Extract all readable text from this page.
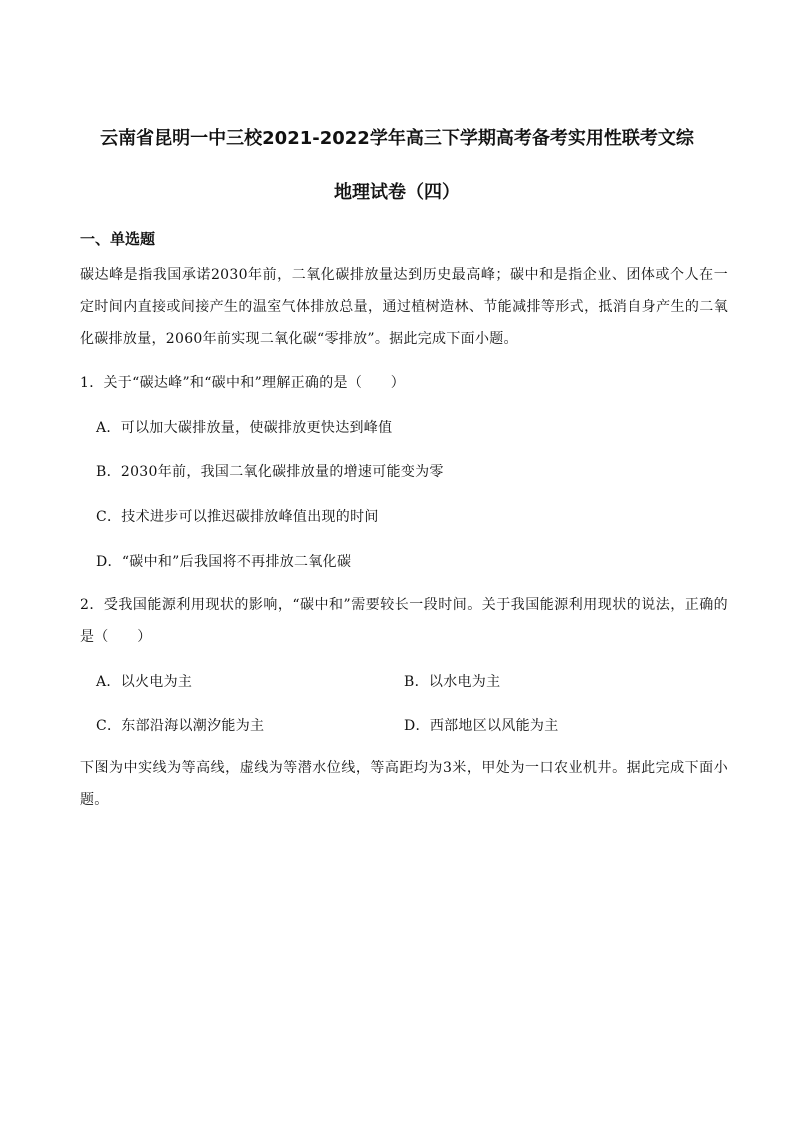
云南省昆明一中三校2021-2022学年高三下学期高考备考实用性联考文综
地理试卷（四）
一、单选题
碳达峰是指我国承诺2030年前，二氧化碳排放量达到历史最高峰；碳中和是指企业、团体或个人在一定时间内直接或间接产生的温室气体排放总量，通过植树造林、节能减排等形式，抵消自身产生的二氧化碳排放量，2060年前实现二氧化碳“零排放”。据此完成下面小题。
1．关于“碳达峰”和“碳中和”理解正确的是（　　）
A．可以加大碳排放量，使碳排放更快达到峰值
B．2030年前，我国二氧化碳排放量的增速可能变为零
C．技术进步可以推迟碳排放峰值出现的时间
D．“碳中和”后我国将不再排放二氧化碳
2．受我国能源利用现状的影响，“碳中和”需要较长一段时间。关于我国能源利用现状的说法，正确的是（　　）
A．以火电为主	B．以水电为主
C．东部沿海以潮汐能为主	D．西部地区以风能为主
下图为中实线为等高线，虚线为等潜水位线，等高距均为3米，甲处为一口农业机井。据此完成下面小题。
